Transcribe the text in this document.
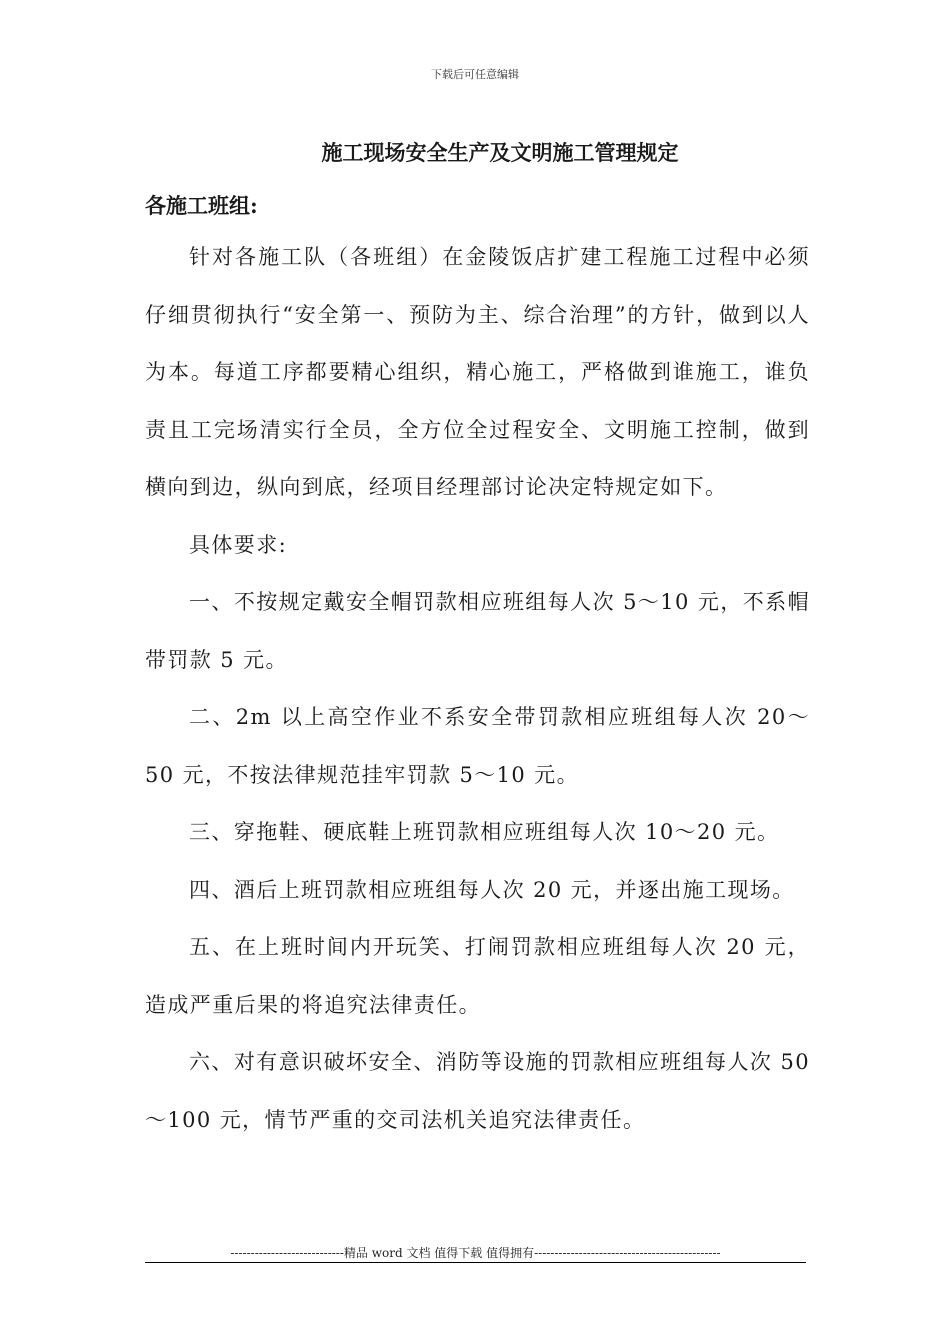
下载后可任意编辑
施工现场安全生产及文明施工管理规定
各施工班组:

针对各施工队（各班组）在金陵饭店扩建工程施工过程中必须仔细贯彻执行“安全第一、预防为主、综合治理”的方针，做到以人为本。每道工序都要精心组织，精心施工，严格做到谁施工，谁负责且工完场清实行全员，全方位全过程安全、文明施工控制，做到横向到边，纵向到底，经项目经理部讨论决定特规定如下。

具体要求:

一、不按规定戴安全帽罚款相应班组每人次 5～10 元，不系帽带罚款 5 元。

二、2m 以上高空作业不系安全带罚款相应班组每人次 20～50 元，不按法律规范挂牢罚款 5～10 元。

三、穿拖鞋、硬底鞋上班罚款相应班组每人次 10～20 元。

四、酒后上班罚款相应班组每人次 20 元，并逐出施工现场。

五、在上班时间内开玩笑、打闹罚款相应班组每人次 20 元，造成严重后果的将追究法律责任。

六、对有意识破坏安全、消防等设施的罚款相应班组每人次 50～100 元，情节严重的交司法机关追究法律责任。

----------------------------精品 word 文档 值得下载 值得拥有----------------------------------------------
